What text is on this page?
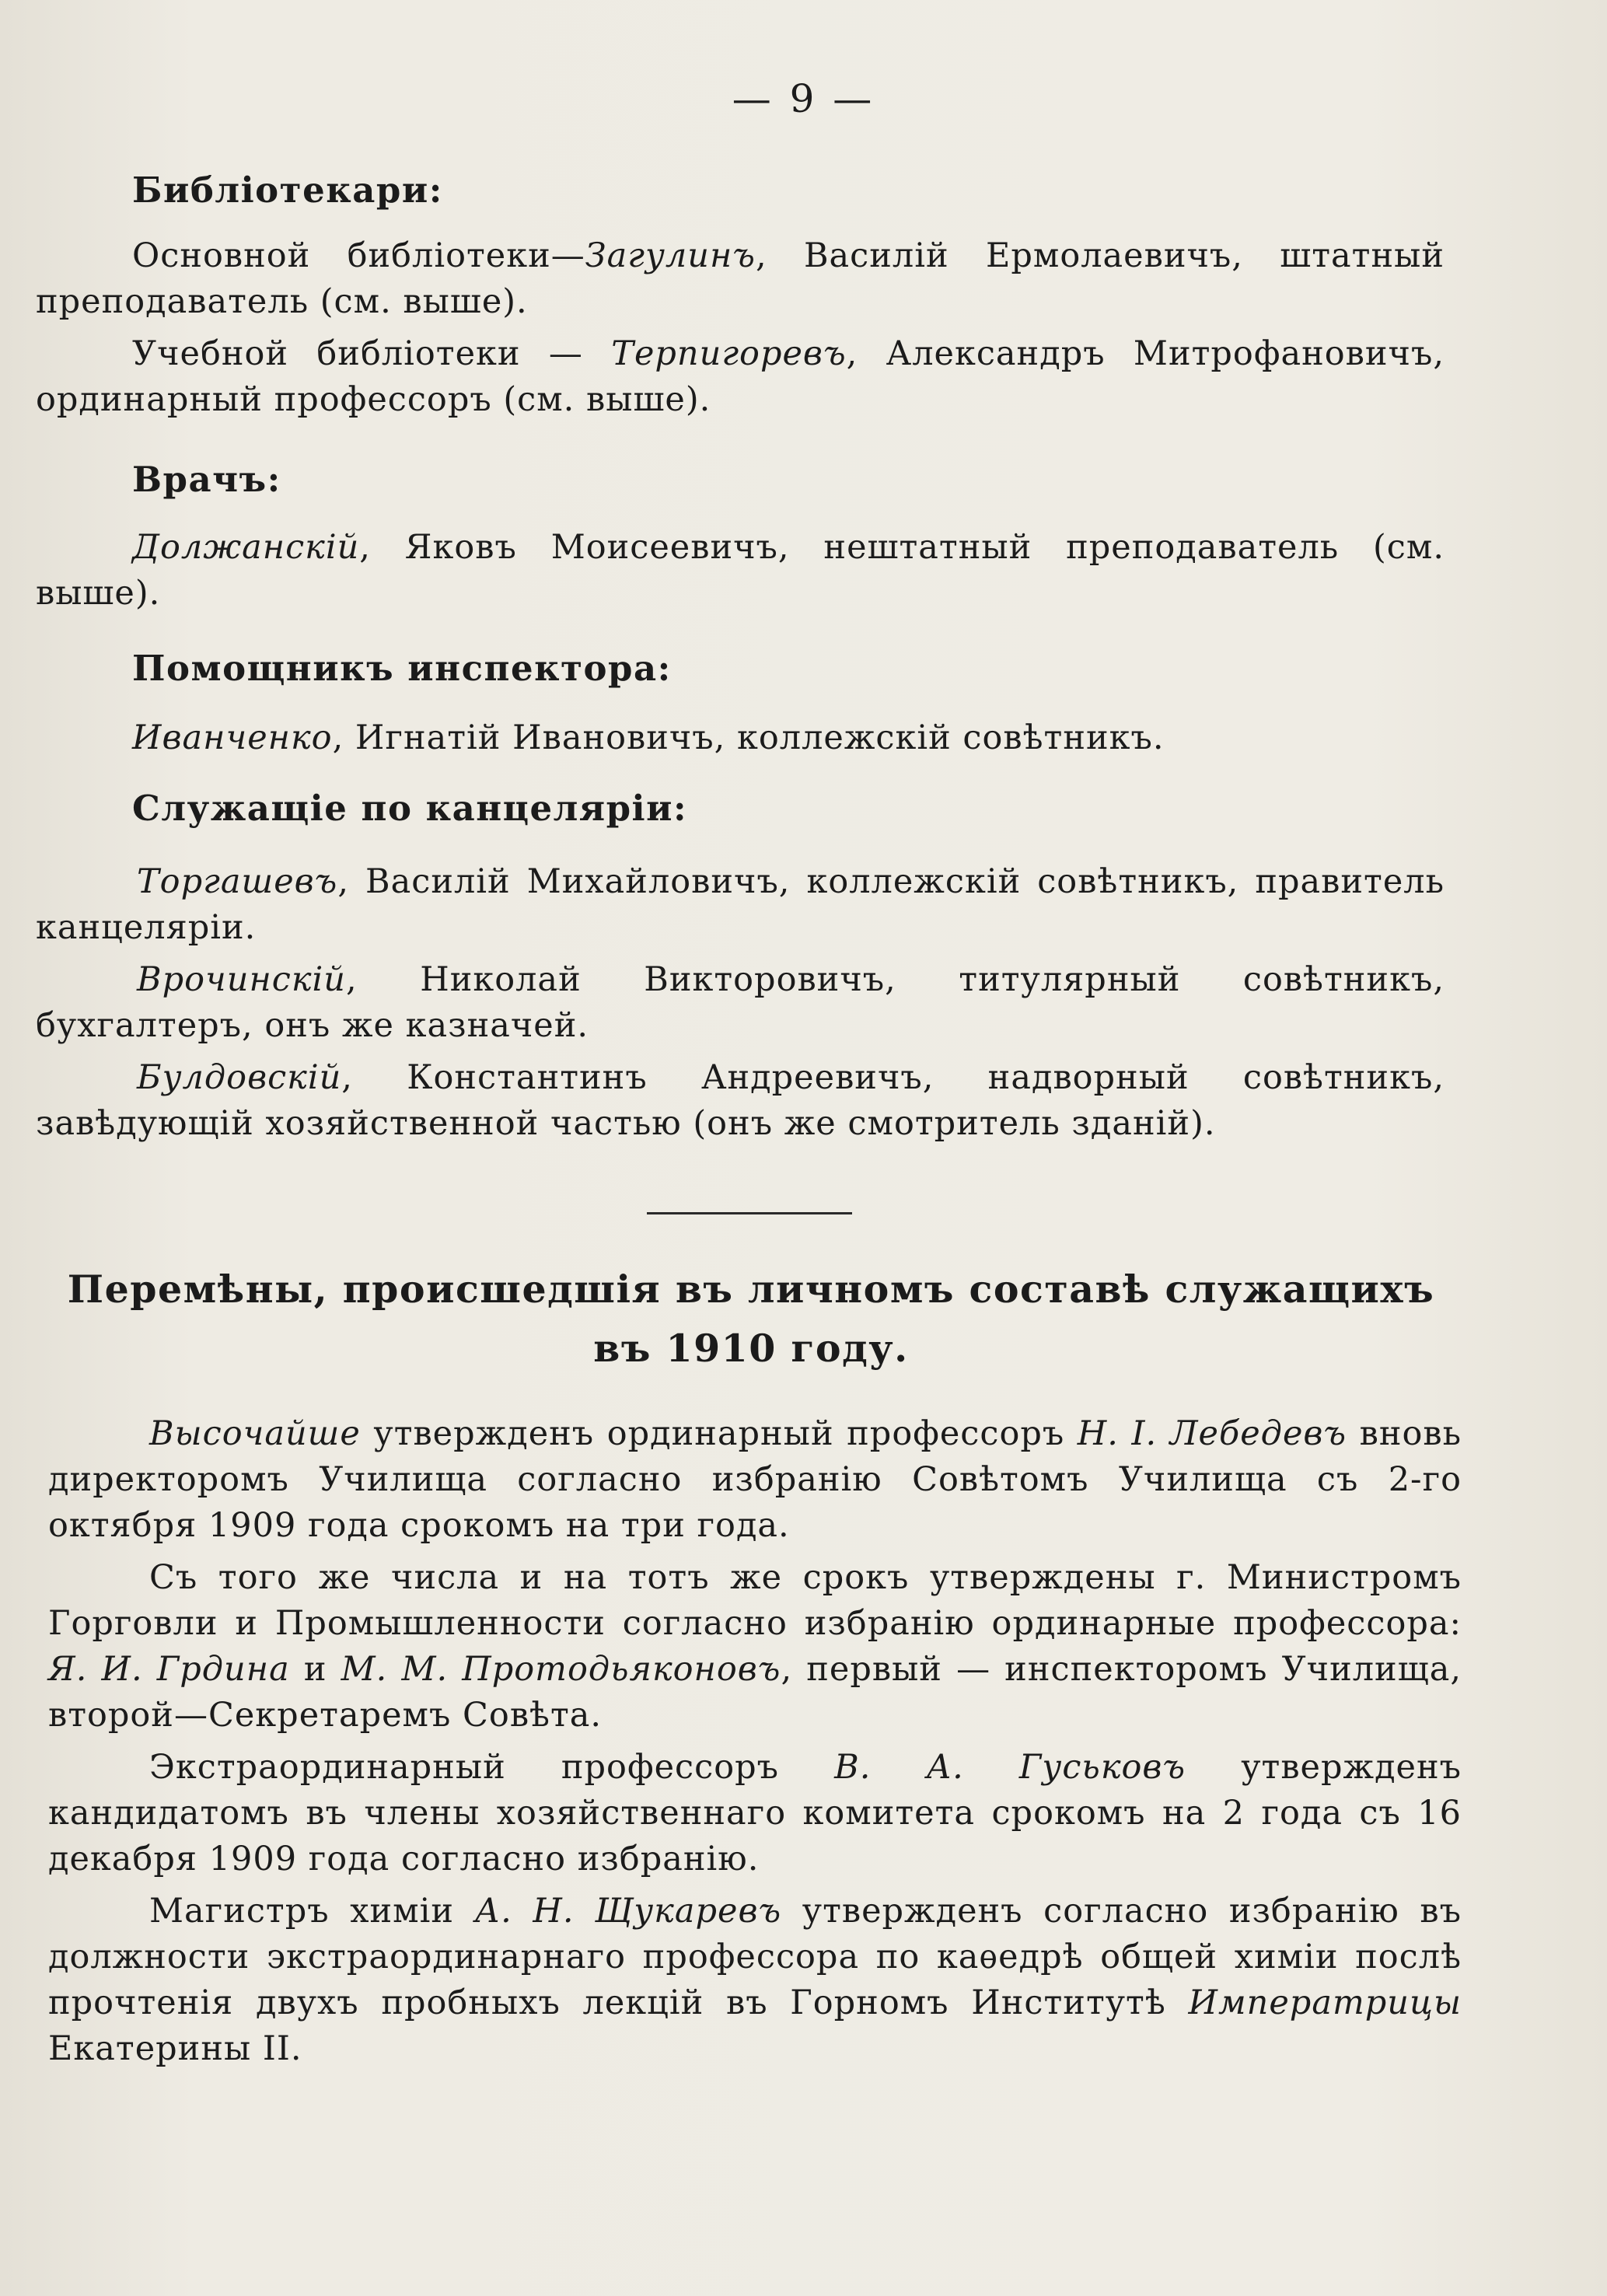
— 9 —
Библіотекари:

Основной библіотеки—Загулинъ, Василій Ермолаевичъ, штатный преподаватель (см. выше).

Учебной библіотеки — Терпигоревъ, Александръ Митрофановичъ, ординарный профессоръ (см. выше).

Врачъ:

Должанскій, Яковъ Моисеевичъ, нештатный преподаватель (см. выше).

Помощникъ инспектора:

Иванченко, Игнатій Ивановичъ, коллежскій совѣтникъ.

Служащіе по канцеляріи:

Торгашевъ, Василій Михайловичъ, коллежскій совѣтникъ, правитель канцеляріи.

Врочинскій, Николай Викторовичъ, титулярный совѣтникъ, бухгалтеръ, онъ же казначей.

Булдовскій, Константинъ Андреевичъ, надворный совѣтникъ, завѣдующій хозяйственной частью (онъ же смотритель зданій).

Перемѣны, происшедшія въ личномъ составѣ служащихъ
въ 1910 году.

Высочайше утвержденъ ординарный профессоръ Н. І. Лебедевъ вновь директоромъ Училища согласно избранію Совѣтомъ Училища съ 2-го октября 1909 года срокомъ на три года.

Съ того же числа и на тотъ же срокъ утверждены г. Министромъ Горговли и Промышленности согласно избранію ординарные профессора: Я. И. Грдина и М. М. Протодьяконовъ, первый — инспекторомъ Училища, второй—Секретаремъ Совѣта.

Экстраординарный профессоръ В. А. Гуськовъ утвержденъ кандидатомъ въ члены хозяйственнаго комитета срокомъ на 2 года съ 16 декабря 1909 года согласно избранію.

Магистръ химіи А. Н. Щукаревъ утвержденъ согласно избранію въ должности экстраординарнаго профессора по каѳедрѣ общей химіи послѣ прочтенія двухъ пробныхъ лекцій въ Горномъ Институтѣ Императрицы Екатерины II.
